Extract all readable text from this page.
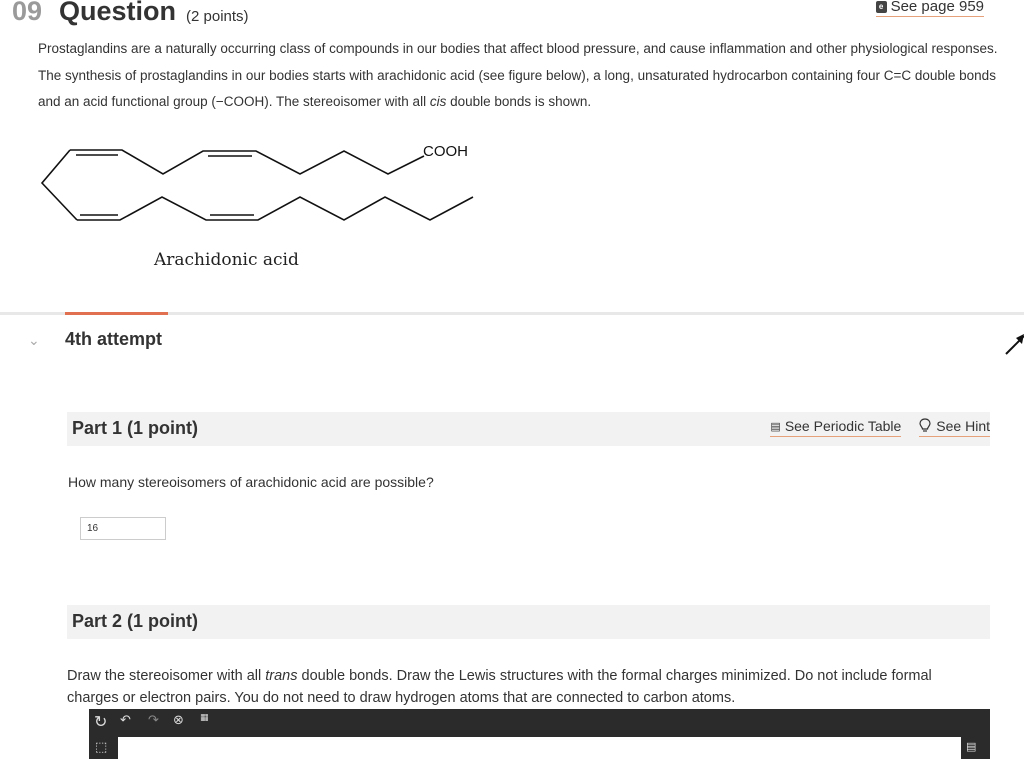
09 Question (2 points)
e See page 959
Prostaglandins are a naturally occurring class of compounds in our bodies that affect blood pressure, and cause inflammation and other physiological responses. The synthesis of prostaglandins in our bodies starts with arachidonic acid (see figure below), a long, unsaturated hydrocarbon containing four C=C double bonds and an acid functional group (−COOH). The stereoisomer with all cis double bonds is shown.
COOH
Arachidonic acid
⌄ 4th attempt
Part 1 (1 point)	▤ See Periodic Table	See Hint
How many stereoisomers of arachidonic acid are possible?
16
Part 2 (1 point)
Draw the stereoisomer with all trans double bonds. Draw the Lewis structures with the formal charges minimized. Do not include formal charges or electron pairs. You do not need to draw hydrogen atoms that are connected to carbon atoms.
↻ ↶ ↷ ⊗ ▦
⬚	▤
